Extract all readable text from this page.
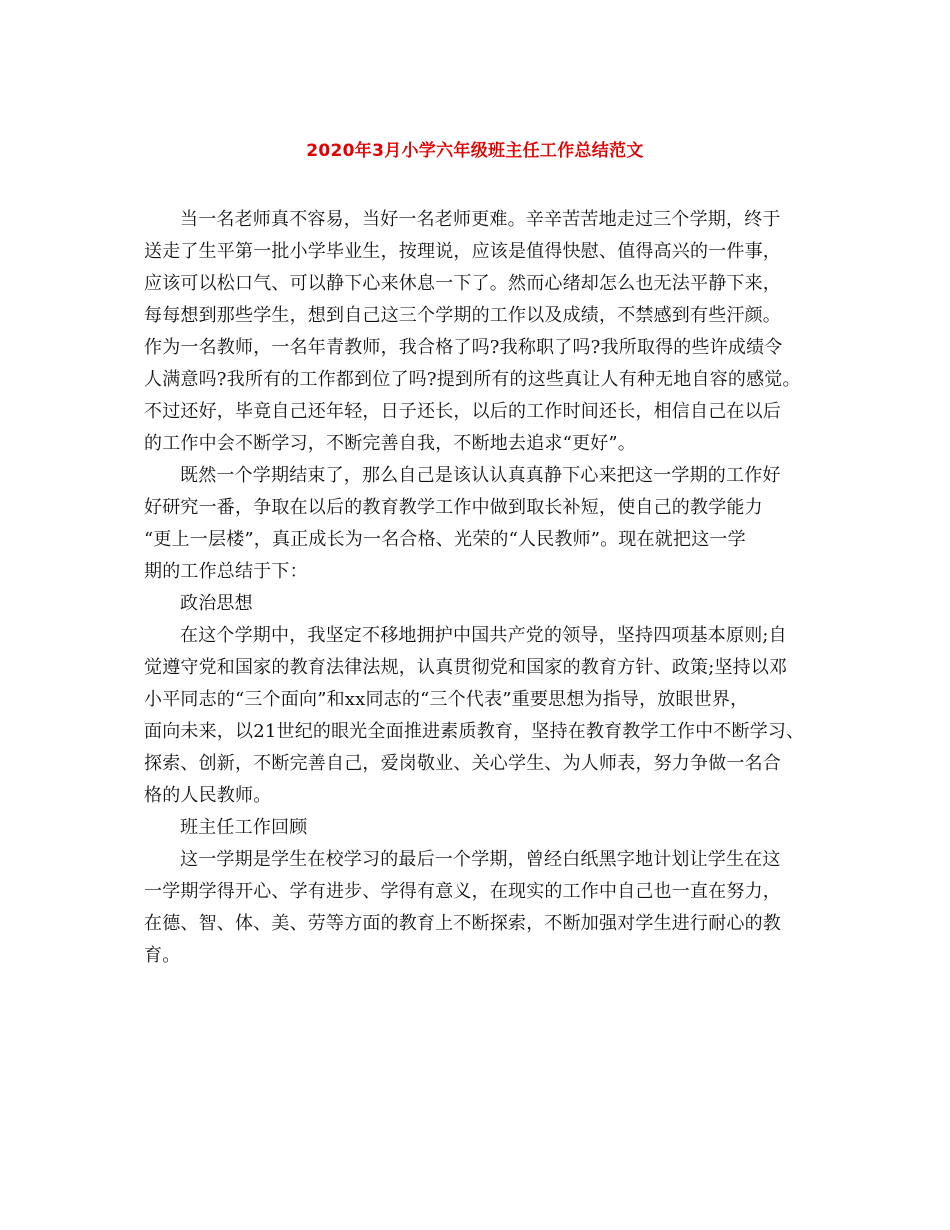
2020年3月小学六年级班主任工作总结范文
当一名老师真不容易，当好一名老师更难。辛辛苦苦地走过三个学期，终于
送走了生平第一批小学毕业生，按理说，应该是值得快慰、值得高兴的一件事，
应该可以松口气、可以静下心来休息一下了。然而心绪却怎么也无法平静下来，
每每想到那些学生，想到自己这三个学期的工作以及成绩，不禁感到有些汗颜。
作为一名教师，一名年青教师，我合格了吗?我称职了吗?我所取得的些许成绩令
人满意吗?我所有的工作都到位了吗?提到所有的这些真让人有种无地自容的感觉。
不过还好，毕竟自己还年轻，日子还长，以后的工作时间还长，相信自己在以后
的工作中会不断学习，不断完善自我，不断地去追求“更好”。
既然一个学期结束了，那么自己是该认认真真静下心来把这一学期的工作好
好研究一番，争取在以后的教育教学工作中做到取长补短，使自己的教学能力
“更上一层楼”，真正成长为一名合格、光荣的“人民教师”。现在就把这一学
期的工作总结于下：
政治思想
在这个学期中，我坚定不移地拥护中国共产党的领导，坚持四项基本原则;自
觉遵守党和国家的教育法律法规，认真贯彻党和国家的教育方针、政策;坚持以邓
小平同志的“三个面向”和xx同志的“三个代表”重要思想为指导，放眼世界，
面向未来，以21世纪的眼光全面推进素质教育，坚持在教育教学工作中不断学习、
探索、创新，不断完善自己，爱岗敬业、关心学生、为人师表，努力争做一名合
格的人民教师。
班主任工作回顾
这一学期是学生在校学习的最后一个学期，曾经白纸黑字地计划让学生在这
一学期学得开心、学有进步、学得有意义，在现实的工作中自己也一直在努力，
在德、智、体、美、劳等方面的教育上不断探索，不断加强对学生进行耐心的教
育。
